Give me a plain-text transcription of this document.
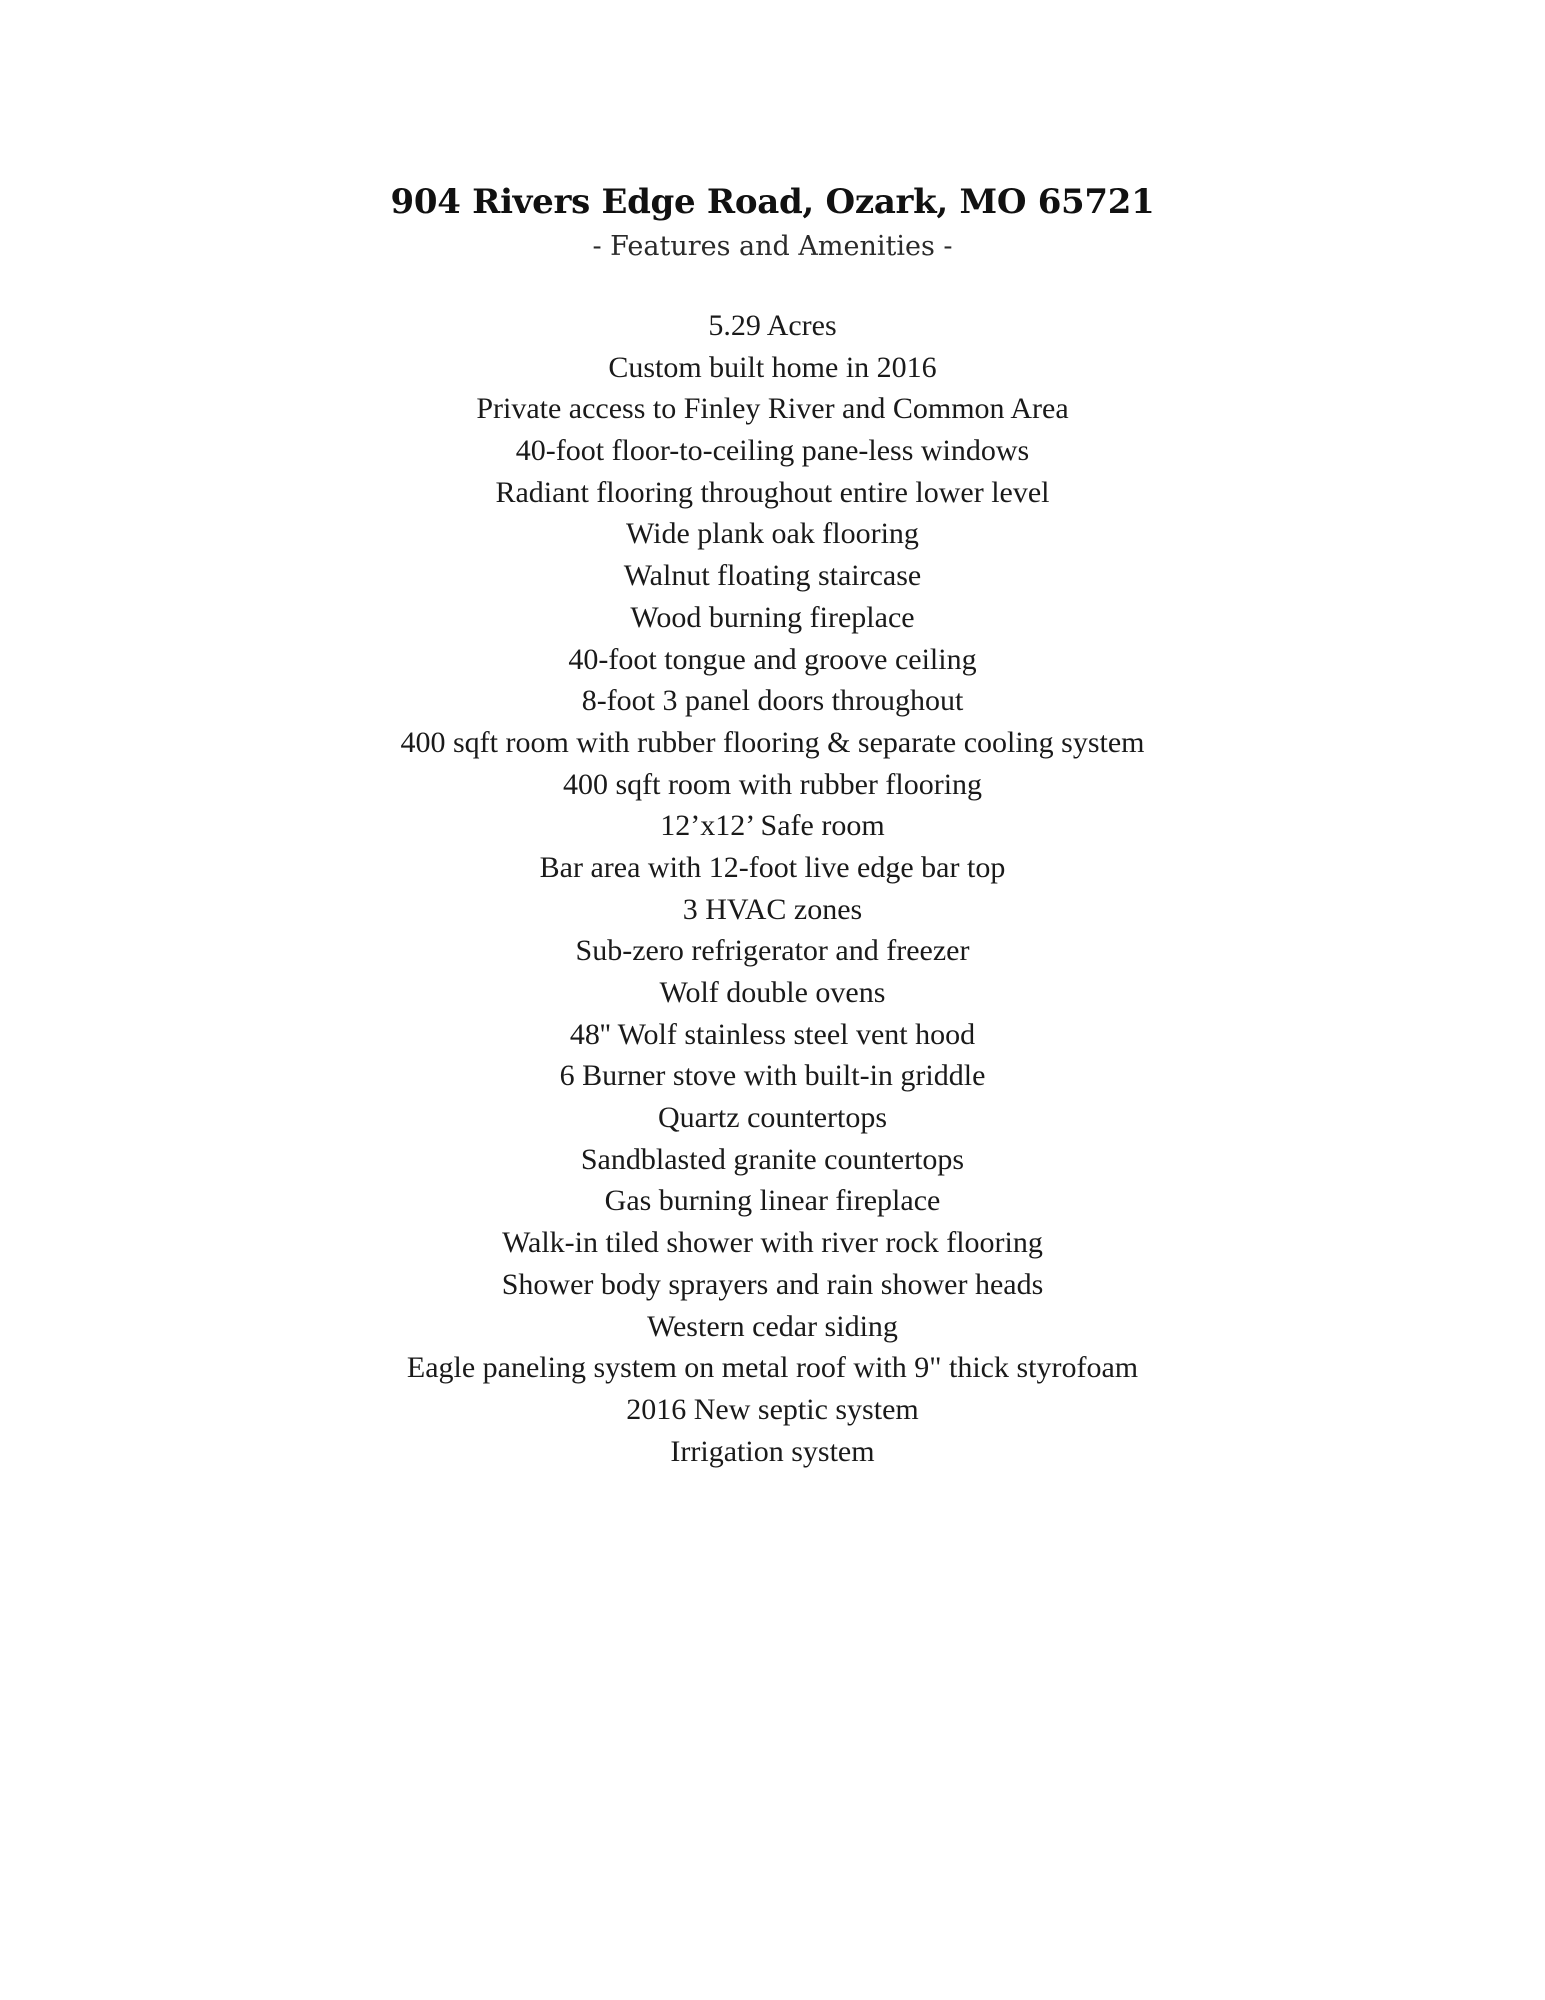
904 Rivers Edge Road, Ozark, MO 65721

- Features and Amenities -

5.29 Acres
Custom built home in 2016
Private access to Finley River and Common Area
40-foot floor-to-ceiling pane-less windows
Radiant flooring throughout entire lower level
Wide plank oak flooring
Walnut floating staircase
Wood burning fireplace
40-foot tongue and groove ceiling
8-foot 3 panel doors throughout
400 sqft room with rubber flooring & separate cooling system
400 sqft room with rubber flooring
12’x12’ Safe room
Bar area with 12-foot live edge bar top
3 HVAC zones
Sub-zero refrigerator and freezer
Wolf double ovens
48'' Wolf stainless steel vent hood
6 Burner stove with built-in griddle
Quartz countertops
Sandblasted granite countertops
Gas burning linear fireplace
Walk-in tiled shower with river rock flooring
Shower body sprayers and rain shower heads
Western cedar siding
Eagle paneling system on metal roof with 9" thick styrofoam
2016 New septic system
Irrigation system
